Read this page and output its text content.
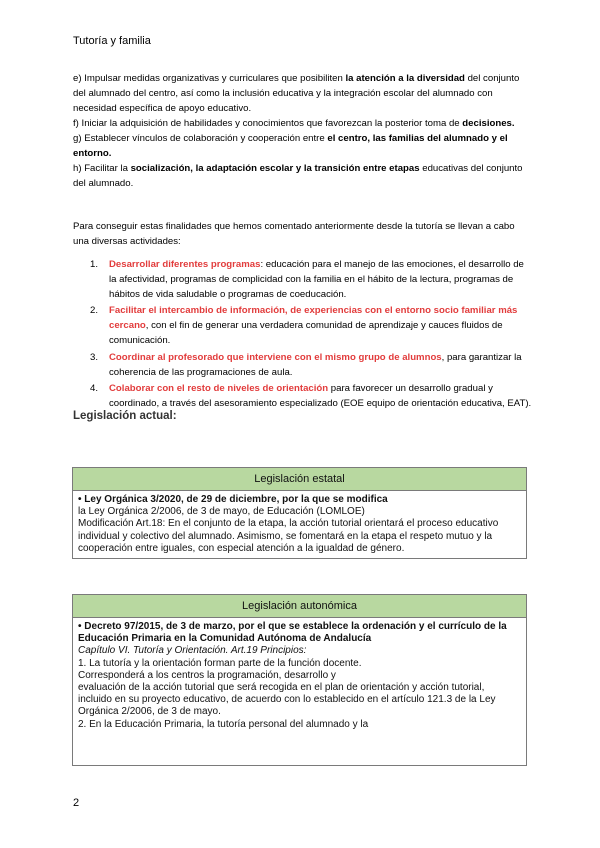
Tutoría y familia

e) Impulsar medidas organizativas y curriculares que posibiliten la atención a la diversidad del conjunto del alumnado del centro, así como la inclusión educativa y la integración escolar del alumnado con necesidad específica de apoyo educativo.

f) Iniciar la adquisición de habilidades y conocimientos que favorezcan la posterior toma de decisiones.

g) Establecer vínculos de colaboración y cooperación entre el centro, las familias del alumnado y el entorno.

h) Facilitar la socialización, la adaptación escolar y la transición entre etapas educativas del conjunto del alumnado.

Para conseguir estas finalidades que hemos comentado anteriormente desde la tutoría se llevan a cabo una diversas actividades:
1. Desarrollar diferentes programas: educación para el manejo de las emociones, el desarrollo de la afectividad, programas de complicidad con la familia en el hábito de la lectura, programas de hábitos de vida saludable o programas de coeducación.
2. Facilitar el intercambio de información, de experiencias con el entorno socio familiar más cercano, con el fin de generar una verdadera comunidad de aprendizaje y cauces fluidos de comunicación.
3. Coordinar al profesorado que interviene con el mismo grupo de alumnos, para garantizar la coherencia de las programaciones de aula.
4. Colaborar con el resto de niveles de orientación para favorecer un desarrollo gradual y coordinado, a través del asesoramiento especializado (EOE equipo de orientación educativa, EAT).
Legislación actual:
Legislación estatal

• Ley Orgánica 3/2020, de 29 de diciembre, por la que se modifica

la Ley Orgánica 2/2006, de 3 de mayo, de Educación (LOMLOE)

Modificación Art.18: En el conjunto de la etapa, la acción tutorial orientará el proceso educativo individual y colectivo del alumnado. Asimismo, se fomentará en la etapa el respeto mutuo y la cooperación entre iguales, con especial atención a la igualdad de género.

Legislación autonómica

• Decreto 97/2015, de 3 de marzo, por el que se establece la ordenación y el currículo de la Educación Primaria en la Comunidad Autónoma de Andalucía

Capítulo VI. Tutoría y Orientación. Art.19 Principios:

1. La tutoría y la orientación forman parte de la función docente.

Corresponderá a los centros la programación, desarrollo y

evaluación de la acción tutorial que será recogida en el plan de orientación y acción tutorial, incluido en su proyecto educativo, de acuerdo con lo establecido en el artículo 121.3 de la Ley Orgánica 2/2006, de 3 de mayo.

2. En la Educación Primaria, la tutoría personal del alumnado y la

2
